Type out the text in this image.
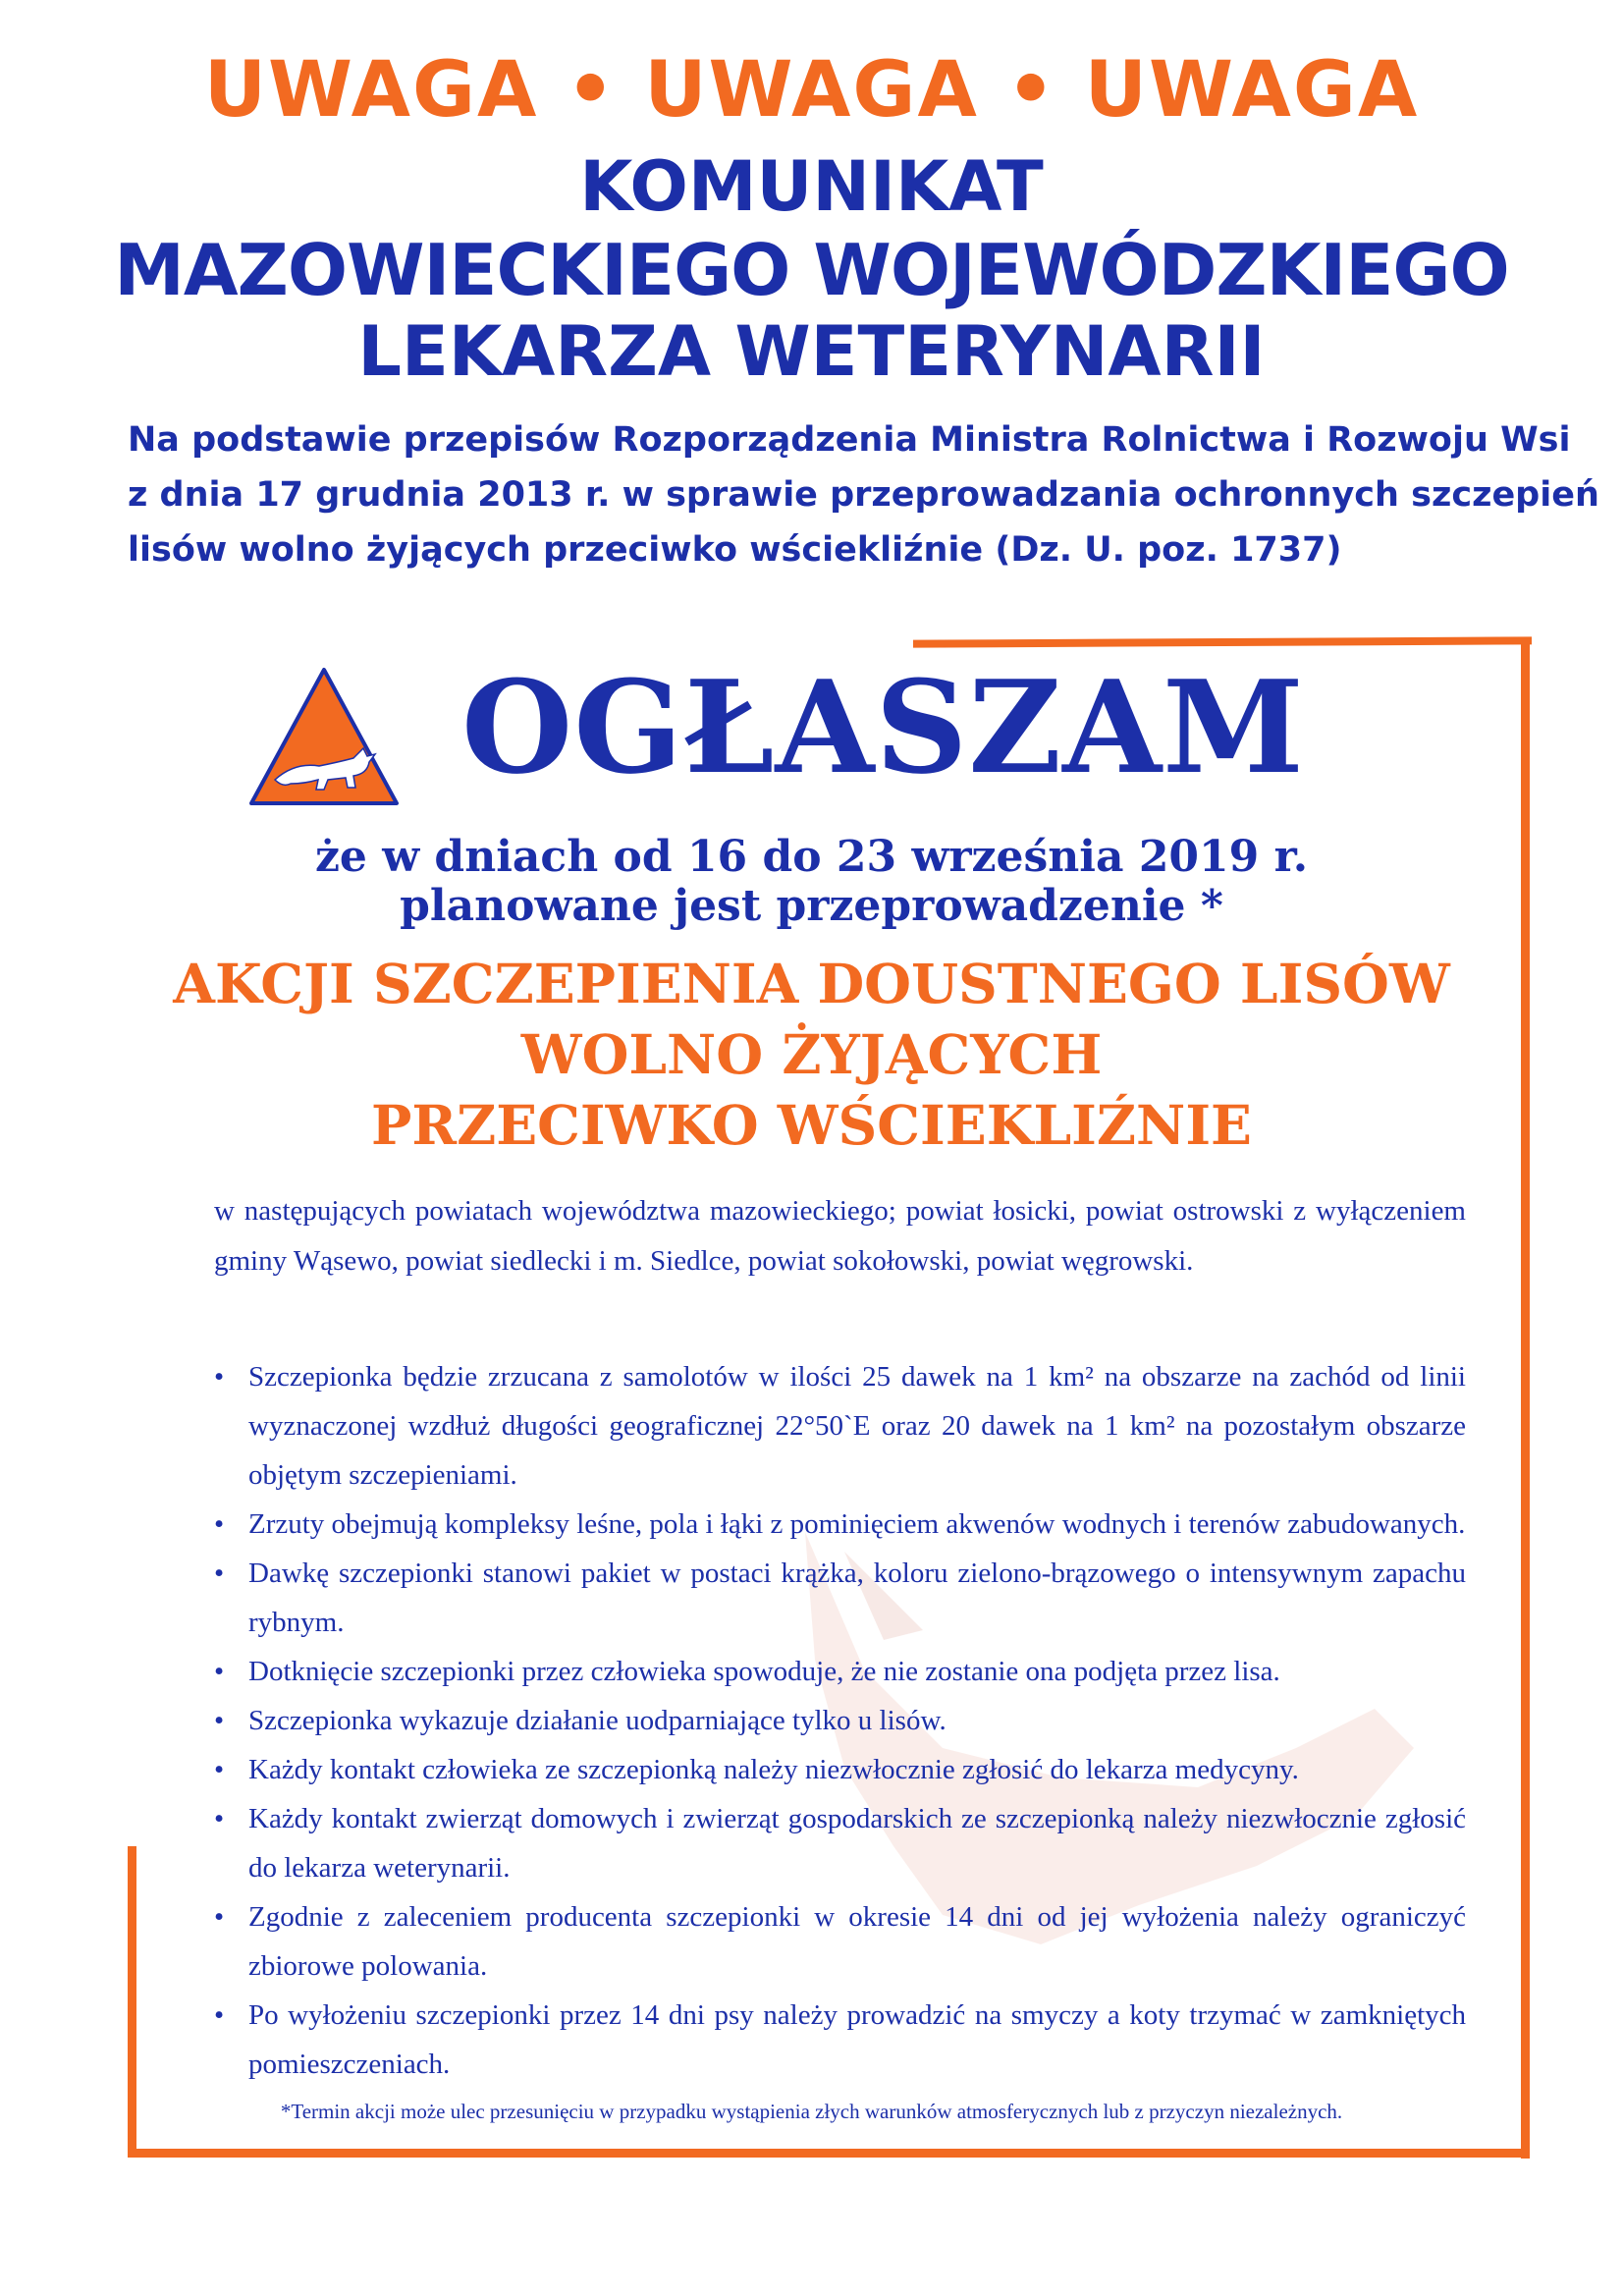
UWAGA • UWAGA • UWAGA
KOMUNIKAT
MAZOWIECKIEGO WOJEWÓDZKIEGO
LEKARZA WETERYNARII
Na podstawie przepisów Rozporządzenia Ministra Rolnictwa i Rozwoju Wsi
z dnia 17 grudnia 2013 r. w sprawie przeprowadzania ochronnych szczepień
lisów wolno żyjących przeciwko wściekliźnie (Dz. U. poz. 1737)
OGŁASZAM
że w dniach od 16 do 23 września 2019 r.
planowane jest przeprowadzenie *
AKCJI SZCZEPIENIA DOUSTNEGO LISÓW
WOLNO ŻYJĄCYCH
PRZECIWKO WŚCIEKLIŹNIE
w następujących powiatach województwa mazowieckiego; powiat łosicki, powiat ostrowski z wyłączeniem gminy Wąsewo, powiat siedlecki i m. Siedlce, powiat sokołowski, powiat węgrowski.
• Szczepionka będzie zrzucana z samolotów w ilości 25 dawek na 1 km² na obszarze na zachód od linii wyznaczonej wzdłuż długości geograficznej 22°50`E oraz 20 dawek na 1 km² na pozostałym obszarze objętym szczepieniami.
• Zrzuty obejmują kompleksy leśne, pola i łąki z pominięciem akwenów wodnych i terenów zabudowanych.
• Dawkę szczepionki stanowi pakiet w postaci krążka, koloru zielono-brązowego o intensywnym zapachu rybnym.
• Dotknięcie szczepionki przez człowieka spowoduje, że nie zostanie ona podjęta przez lisa.
• Szczepionka wykazuje działanie uodparniające tylko u lisów.
• Każdy kontakt człowieka ze szczepionką należy niezwłocznie zgłosić do lekarza medycyny.
• Każdy kontakt zwierząt domowych i zwierząt gospodarskich ze szczepionką należy niezwłocznie zgłosić do lekarza weterynarii.
• Zgodnie z zaleceniem producenta szczepionki w okresie 14 dni od jej wyłożenia należy ograniczyć zbiorowe polowania.
• Po wyłożeniu szczepionki przez 14 dni psy należy prowadzić na smyczy a koty trzymać w zamkniętych pomieszczeniach.
*Termin akcji może ulec przesunięciu w przypadku wystąpienia złych warunków atmosferycznych lub z przyczyn niezależnych.
